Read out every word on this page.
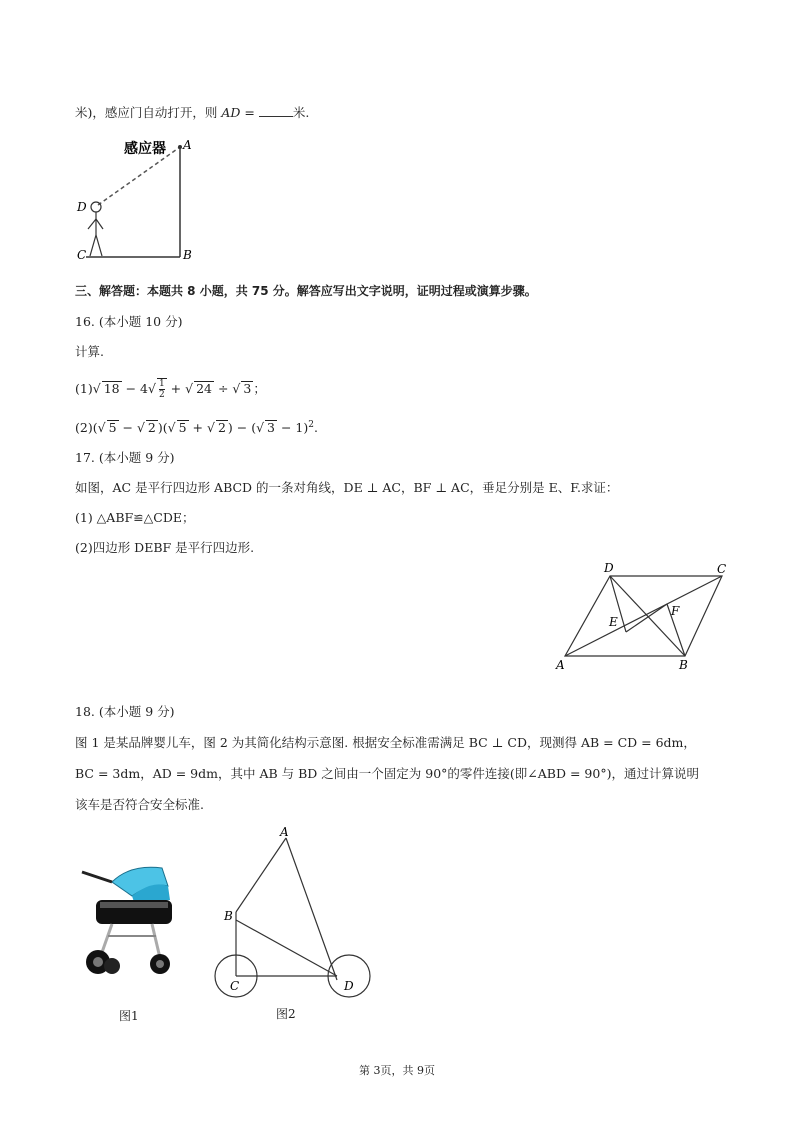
米)，感应门自动打开，则 AD =	米.
感应器 A
D
C	B
三、解答题：本题共 8 小题，共 75 分。解答应写出文字说明，证明过程或演算步骤。
16. (本小题 10 分)
计算.
(1)√ $18 - 4√ \frac{1}{2}$ + √ 24 ÷ √ 3 ；
(2)(√ 5 − √ 2 )(√ 5 + √ 2 ) − (√ 3 − 1)$^2$.
17. (本小题 9 分)
如图，AC 是平行四边形 ABCD 的一条对角线，DE ⊥ AC，BF ⊥ AC，垂足分别是 E、F.求证：
(1) △ABF≌△CDE；
(2)四边形 DEBF 是平行四边形.
D	C
F
E
A	B
18. (本小题 9 分)
图 1 是某品牌婴儿车，图 2 为其简化结构示意图. 根据安全标准需满足 BC ⊥ CD，现测得 AB = CD = 6dm，
BC = 3dm，AD = 9dm，其中 AB 与 BD 之间由一个固定为 90°的零件连接(即∠ABD = 90°)，通过计算说明
该车是否符合安全标准.
图1
A
B
C	D
图2
第 3页，共 9页
